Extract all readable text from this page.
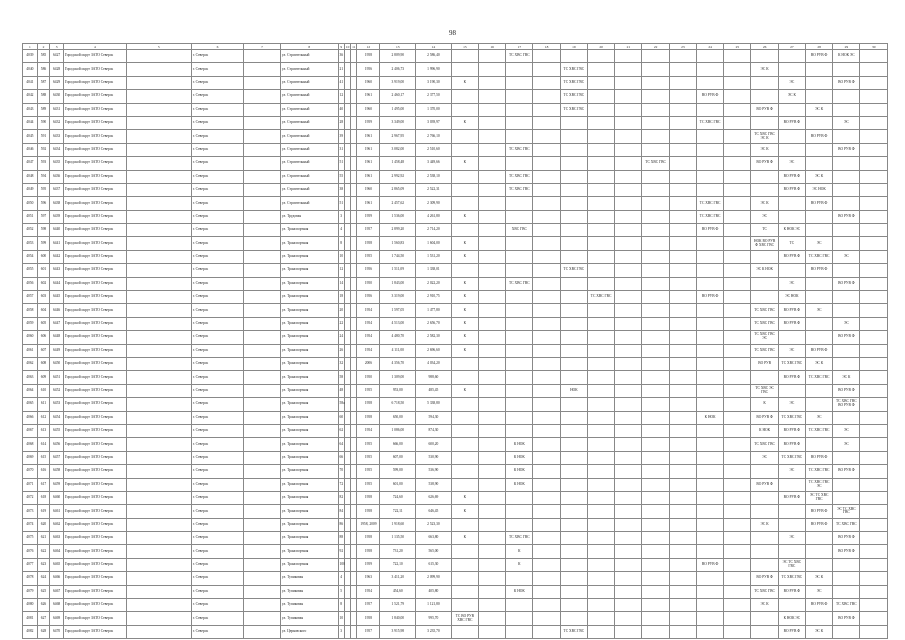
98
1	2	3	4	5	6	7	8	9	10	11	12	13	14	15	16	17	18	19	20	21	22	23	24	25	26	27	28	29	30
4039	585	6427	Городской округ ЗАТО Северск		г. Северск		ул. Строительный	36			1958	2 809,90	2 586,40			ТС ХВС ГВС											ВО РУВ Ф	К НОК ЭС	
4040	586	6428	Городской округ ЗАТО Северск		г. Северск		ул. Строительный	21			1956	2 406,73	1 996,90					ТС ХВС ГВС							ЭС К				
4041	587	6429	Городской округ ЗАТО Северск		г. Северск		ул. Строительный	41			1960	3 919,00	3 190,30	К				ТС ХВС ГВС								ЭС		ВО РУВ Ф	
4042	588	6430	Городской округ ЗАТО Северск		г. Северск		ул. Строительный	12			1961	2 460,17	2 377,50					ТС ХВС ГВС					ВО РУВ Ф			ЭС К			
4043	589	6431	Городской округ ЗАТО Северск		г. Северск		ул. Строительный	40			1960	1 495,00	1 370,00					ТС ХВС ГВС							ВО РУВ Ф		ЭС К		
4044	590	6432	Городской округ ЗАТО Северск		г. Северск		ул. Строительный	28			1959	3 349,00	3 039,97	К									ТС ХВС ГВС			ВО РУВ Ф		ЭС	
4045	591	6433	Городской округ ЗАТО Северск		г. Северск		ул. Строительный	39			1961	2 967,95	2 766,10												ТС ХВС ГВС ЭС К		ВО РУВ Ф		
4046	592	6434	Городской округ ЗАТО Северск		г. Северск		ул. Строительный	31			1961	3 082,00	2 510,60			ТС ХВС ГВС									ЭС К			ВО РУВ Ф	
4047	593	6435	Городской округ ЗАТО Северск		г. Северск		ул. Строительный	51			1961	1 458,48	3 449,66	К							ТС ХВС ГВС				ВО РУВ Ф	ЭС			
4048	594	6436	Городской округ ЗАТО Северск		г. Северск		ул. Строительный	55			1961	2 992,92	2 538,10			ТС ХВС ГВС										ВО РУВ Ф	ЭС К		
4049	595	6437	Городской округ ЗАТО Северск		г. Северск		ул. Строительный	38			1960	2 865,09	2 522,31			ТС ХВС ГВС										ВО РУВ Ф	ЭС НОК		
4050	596	6438	Городской округ ЗАТО Северск		г. Северск		ул. Строительный	51			1961	2 457,62	2 309,90										ТС ХВС ГВС		ЭС К		ВО РУВ Ф		
4051	597	6439	Городской округ ЗАТО Северск		г. Северск		ул. Трудовая	3			1959	1 536,00	4 261,80	К									ТС ХВС ГВС		ЭС			ВО РУВ Ф	
4052	598	6440	Городской округ ЗАТО Северск		г. Северск		ул. Транспортная	4			1957	2 899,20	2 714,20			ХВС ГВС							ВО РУВ Ф		ТС	К НОК ЭС			
4053	599	6441	Городской округ ЗАТО Северск		г. Северск		ул. Транспортная	8			1958	1 560,83	1 604,00	К											НОК ВО РУВ Ф ХВС ГВС	ТС	ЭС		
4054	600	6442	Городской округ ЗАТО Северск		г. Северск		ул. Транспортная	10			1955	1 744,50	1 531,20	К												ВО РУВ Ф	ТС ХВС ГВС	ЭС	
4055	601	6443	Городской округ ЗАТО Северск		г. Северск		ул. Транспортная	12			1956	1 511,09	1 338,01					ТС ХВС ГВС							ЭС К НОК		ВО РУВ Ф		
4056	602	6444	Городской округ ЗАТО Северск		г. Северск		ул. Транспортная	14			1950	1 843,00	2 022,20	К		ТС ХВС ГВС										ЭС		ВО РУВ Ф	
4057	603	6445	Городской округ ЗАТО Северск		г. Северск		ул. Транспортная	18			1956	3 319,00	2 910,75	К					ТС ХВС ГВС				ВО РУВ Ф			ЭС НОК			
4058	604	6446	Городской округ ЗАТО Северск		г. Северск		ул. Транспортная	20			1954	1 597,05	1 477,80	К											ТС ХВС ГВС	ВО РУВ Ф	ЭС		
4059	605	6447	Городской округ ЗАТО Северск		г. Северск		ул. Транспортная	22			1954	4 513,00	2 656,70	К											ТС ХВС ГВС	ВО РУВ Ф		ЭС	
4060	606	6448	Городской округ ЗАТО Северск		г. Северск		ул. Транспортная	24			1954	4 480,70	2 582,30	К											ТС ХВС ГВС ЭС			ВО РУВ Ф	
4061	607	6449	Городской округ ЗАТО Северск		г. Северск		ул. Транспортная	26			1954	4 111,00	2 696,60	К											ТС ХВС ГВС	ЭС	ВО РУВ Ф		
4062	608	6450	Городской округ ЗАТО Северск		г. Северск		ул. Транспортная	32			2006	4 356,70	4 034,20												ВО РУВ	ТС ХВС ГВС	ЭС К		
4063	609	6451	Городской округ ЗАТО Северск		г. Северск		ул. Транспортная	58			1950	1 309,00	988,60													ВО РУВ Ф	ТС ХВС ГВС	ЭС К	
4064	610	6452	Городской округ ЗАТО Северск		г. Северск		ул. Транспортная	48			1955	953,00	485,45	К				НОК							ТС ХВС ЭС ГВС			ВО РУВ Ф	
4065	611	6453	Городской округ ЗАТО Северск		г. Северск		ул. Транспортная	58а			1958	6 718,50	5 338,80												К	ЭС		ТС ХВС ГВС ВО РУВ Ф	
4066	612	6454	Городской округ ЗАТО Северск		г. Северск		ул. Транспортная	60			1958	650,00	594,30										К НОК		ВО РУВ Ф	ТС ХВС ГВС	ЭС		
4067	613	6455	Городской округ ЗАТО Северск		г. Северск		ул. Транспортная	62			1954	1 086,00	874,30												К НОК	ВО РУВ Ф	ТС ХВС ГВС	ЭС	
4068	614	6456	Городской округ ЗАТО Северск		г. Северск		ул. Транспортная	64			1955	666,00	600,20			К НОК									ТС ХВС ГВС	ВО РУВ Ф		ЭС	
4069	615	6457	Городской округ ЗАТО Северск		г. Северск		ул. Транспортная	66			1955	607,00	530,90			К НОК									ЭС	ТС ХВС ГВС	ВО РУВ Ф		
4070	616	6458	Городской округ ЗАТО Северск		г. Северск		ул. Транспортная	70			1955	599,00	536,90			К НОК										ЭС	ТС ХВС ГВС	ВО РУВ Ф	
4071	617	6459	Городской округ ЗАТО Северск		г. Северск		ул. Транспортная	72			1955	601,00	538,90			К НОК									ВО РУВ Ф		ТС ХВС ГВС ЭС		
4072	618	6460	Городской округ ЗАТО Северск		г. Северск		ул. Транспортная	82			1958	724,60	626,69	К												ВО РУВ Ф	ЭС ТС ХВС ГВС		
4073	619	6461	Городской округ ЗАТО Северск		г. Северск		ул. Транспортная	84			1958	722,11	646,45	К													ВО РУВ Ф	ЭС ТС ХВС ГВС	
4074	620	6462	Городской округ ЗАТО Северск		г. Северск		ул. Транспортная	86			1958, 2009	1 918,60	2 523,30												ЭС К		ВО РУВ Ф	ТС ХВС ГВС	
4075	621	6463	Городской округ ЗАТО Северск		г. Северск		ул. Транспортная	88			1958	1 135,50	663,80	К		ТС ХВС ГВС										ЭС		ВО РУВ Ф	
4076	622	6464	Городской округ ЗАТО Северск		г. Северск		ул. Транспортная	92			1958	731,20	565,00			К												ВО РУВ Ф	
4077	623	6465	Городской округ ЗАТО Северск		г. Северск		ул. Транспортная	100			1959	722,10	615,30			К							ВО РУВ Ф			ЭС ТС ХВС ГВС			
4078	624	6466	Городской округ ЗАТО Северск		г. Северск		ул. Тупиковая	4			1963	3 411,20	2 099,90												ВО РУВ Ф	ТС ХВС ГВС	ЭС К		
4079	625	6467	Городской округ ЗАТО Северск		г. Северск		ул. Тупиковая	5			1954	454,60	405,80			К НОК									ТС ХВС ГВС	ВО РУВ Ф	ЭС		
4080	626	6468	Городской округ ЗАТО Северск		г. Северск		ул. Тупиковая	8			1957	1 521,79	1 121,80												ЭС К		ВО РУВ Ф	ТС ХВС ГВС	
4081	627	6469	Городской округ ЗАТО Северск		г. Северск		ул. Тупиковая	10			1958	1 840,00	995,70	ТС ВО РУВ ХВС ГВС												К НОК ЭС		ВО РУВ Ф	
4082	628	6470	Городской округ ЗАТО Северск		г. Северск		ул. Церковского	3			1957	3 915,98	3 235,70					ТС ХВС ГВС								ВО РУВ Ф	ЭС К		
